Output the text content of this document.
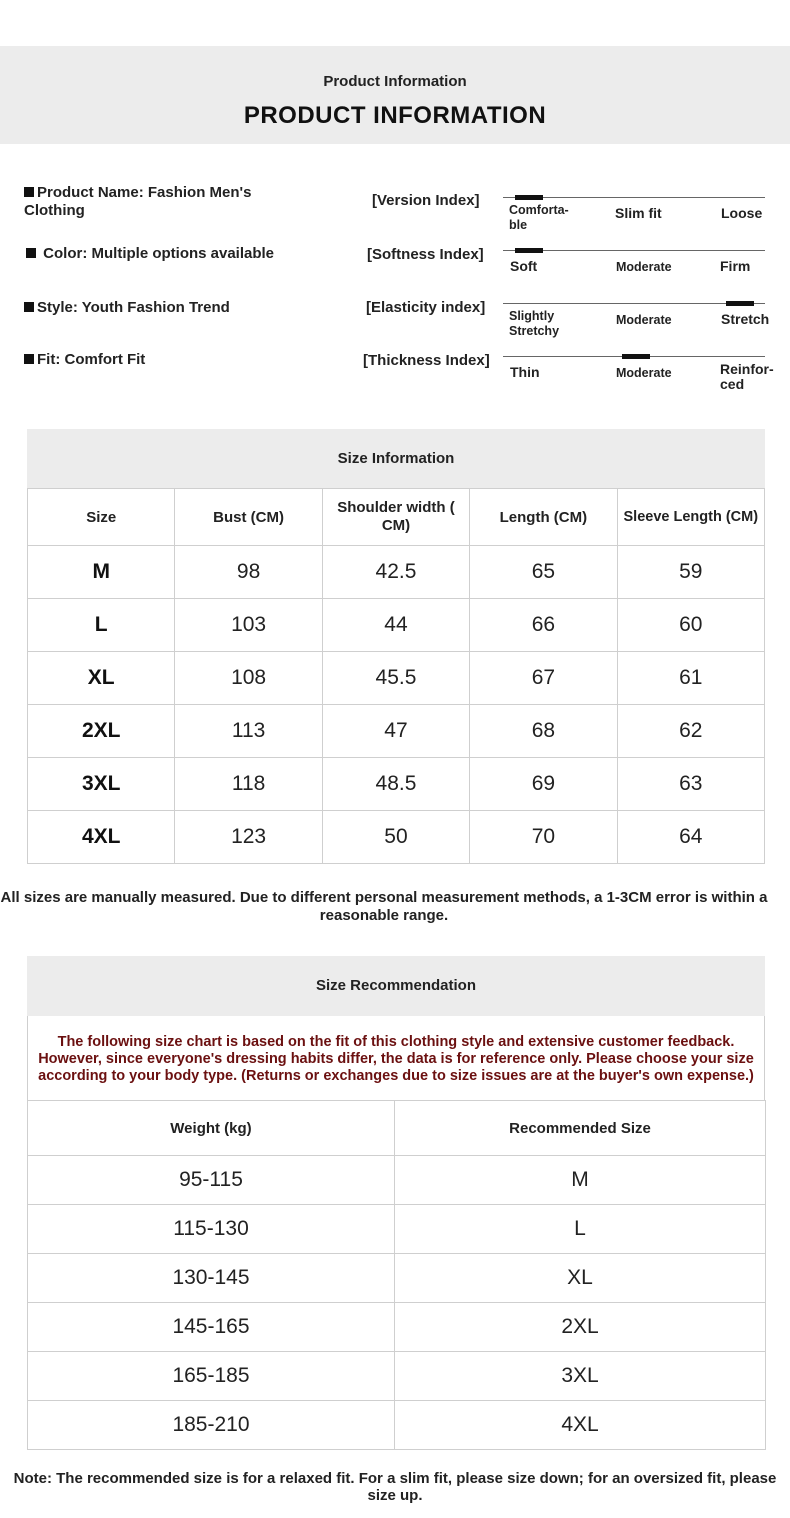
Product Information
PRODUCT INFORMATION
Product Name: Fashion Men's Clothing
Color: Multiple options available
Style: Youth Fashion Trend
Fit: Comfort Fit
[Version Index]
Comforta-
ble
Slim fit	Loose
[Softness Index]
Soft	Moderate	Firm
[Elasticity index] Slightly
Stretchy
Moderate	Stretch
[Thickness Index]
Thin	Moderate	Reinfor-
ced
Size Information
Size	Bust (CM)	Shoulder width (
CM)	Length (CM)	Sleeve Length (CM)
M	98	42.5	65	59
L	103	44	66	60
XL	108	45.5	67	61
2XL	113	47	68	62
3XL	118	48.5	69	63
4XL	123	50	70	64
All sizes are manually measured. Due to different personal measurement methods, a 1-3CM error is within a reasonable range.
Size Recommendation
The following size chart is based on the fit of this clothing style and extensive customer feedback. However, since everyone's dressing habits differ, the data is for reference only. Please choose your size according to your body type. (Returns or exchanges due to size issues are at the buyer's own expense.)
Weight (kg)	Recommended Size
95-115	M
115-130	L
130-145	XL
145-165	2XL
165-185	3XL
185-210	4XL
Note: The recommended size is for a relaxed fit. For a slim fit, please size down; for an oversized fit, please size up.
